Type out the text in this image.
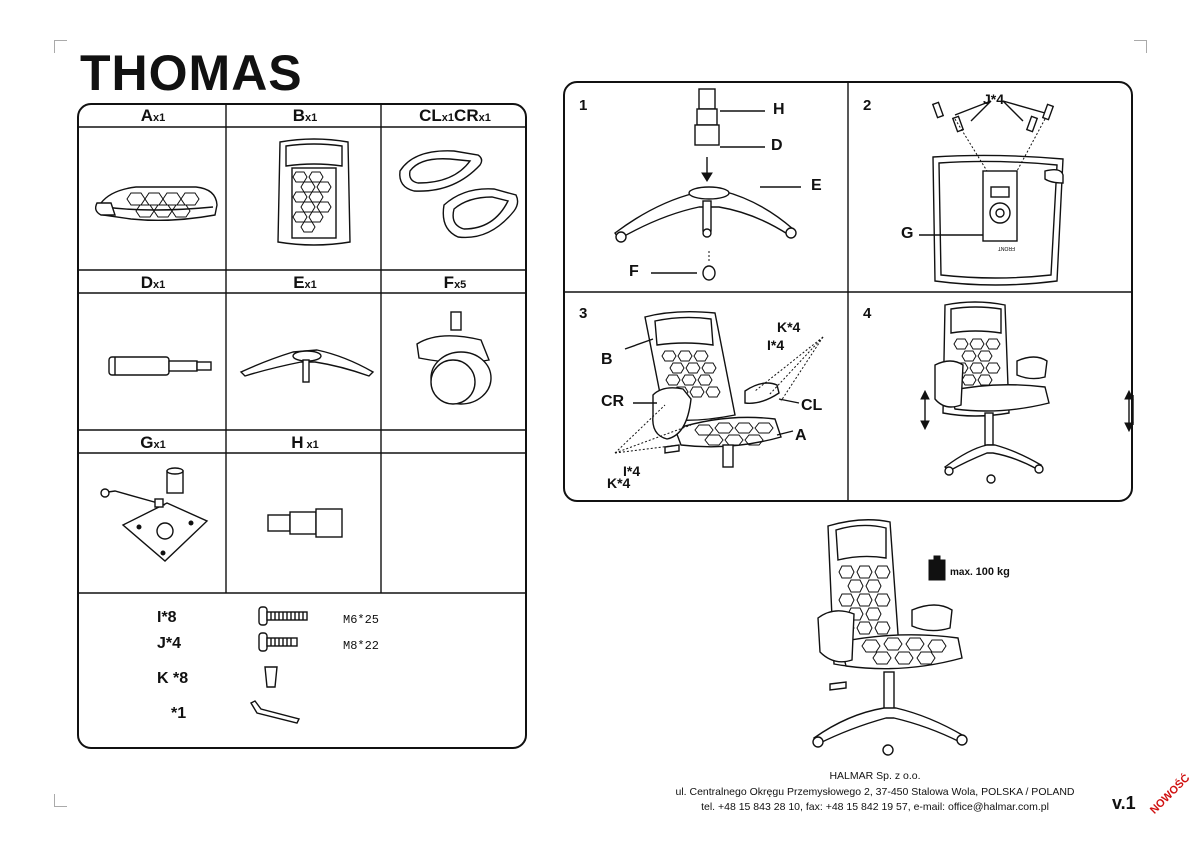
THOMAS
Ax1	Bx1	CLx1CRx1
Dx1	Ex1	Fx5
Gx1	H x1
I*8	M6*25
J*4	M8*22
K *8
*1
1	H
D
E
F
2
FRONT
J*4
G
3
K*4
I*4
B
CR	CL
A
I*4
K*4
4
max. 100 kg
HALMAR Sp. z o.o.
ul. Centralnego Okręgu Przemysłowego 2, 37-450 Stalowa Wola, POLSKA / POLAND
tel. +48 15 843 28 10, fax: +48 15 842 19 57, e-mail: office@halmar.com.pl	v.1 NOWOŚĆ
